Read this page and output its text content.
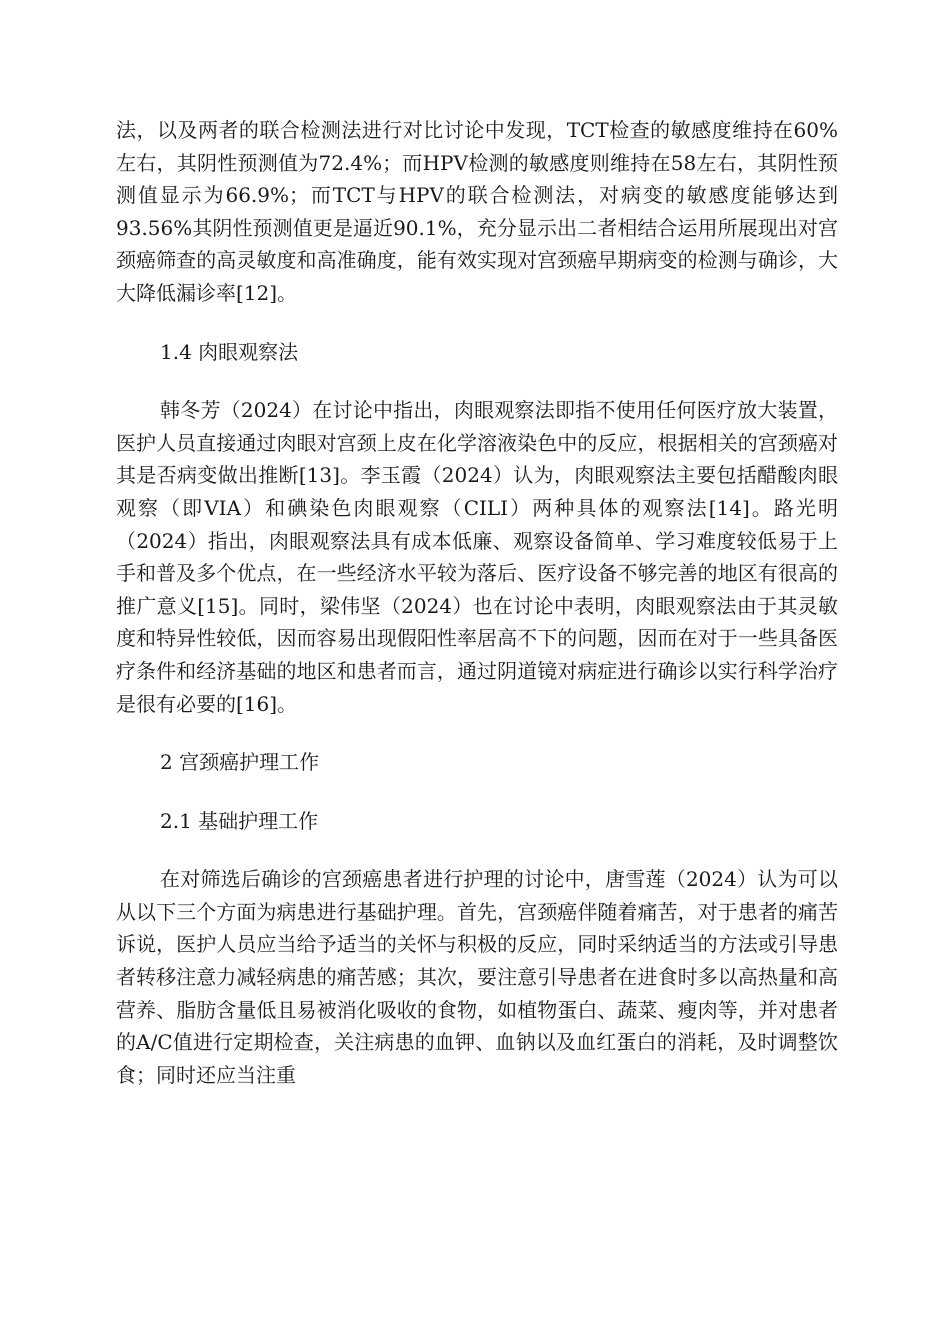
法，以及两者的联合检测法进行对比讨论中发现，TCT检查的敏感度维持在60%左右，其阴性预测值为72.4%；而HPV检测的敏感度则维持在58左右，其阴性预测值显示为66.9%；而TCT与HPV的联合检测法，对病变的敏感度能够达到93.56%其阴性预测值更是逼近90.1%，充分显示出二者相结合运用所展现出对宫颈癌筛查的高灵敏度和高准确度，能有效实现对宫颈癌早期病变的检测与确诊，大大降低漏诊率[12]。

1.4 肉眼观察法

韩冬芳（2024）在讨论中指出，肉眼观察法即指不使用任何医疗放大装置，医护人员直接通过肉眼对宫颈上皮在化学溶液染色中的反应，根据相关的宫颈癌对其是否病变做出推断[13]。李玉霞（2024）认为，肉眼观察法主要包括醋酸肉眼观察（即VIA）和碘染色肉眼观察（CILI）两种具体的观察法[14]。路光明（2024）指出，肉眼观察法具有成本低廉、观察设备简单、学习难度较低易于上手和普及多个优点，在一些经济水平较为落后、医疗设备不够完善的地区有很高的推广意义[15]。同时，梁伟坚（2024）也在讨论中表明，肉眼观察法由于其灵敏度和特异性较低，因而容易出现假阳性率居高不下的问题，因而在对于一些具备医疗条件和经济基础的地区和患者而言，通过阴道镜对病症进行确诊以实行科学治疗是很有必要的[16]。

2 宫颈癌护理工作

2.1 基础护理工作

在对筛选后确诊的宫颈癌患者进行护理的讨论中，唐雪莲（2024）认为可以从以下三个方面为病患进行基础护理。首先，宫颈癌伴随着痛苦，对于患者的痛苦诉说，医护人员应当给予适当的关怀与积极的反应，同时采纳适当的方法或引导患者转移注意力减轻病患的痛苦感；其次，要注意引导患者在进食时多以高热量和高营养、脂肪含量低且易被消化吸收的食物，如植物蛋白、蔬菜、瘦肉等，并对患者的A/C值进行定期检查，关注病患的血钾、血钠以及血红蛋白的消耗，及时调整饮食；同时还应当注重
